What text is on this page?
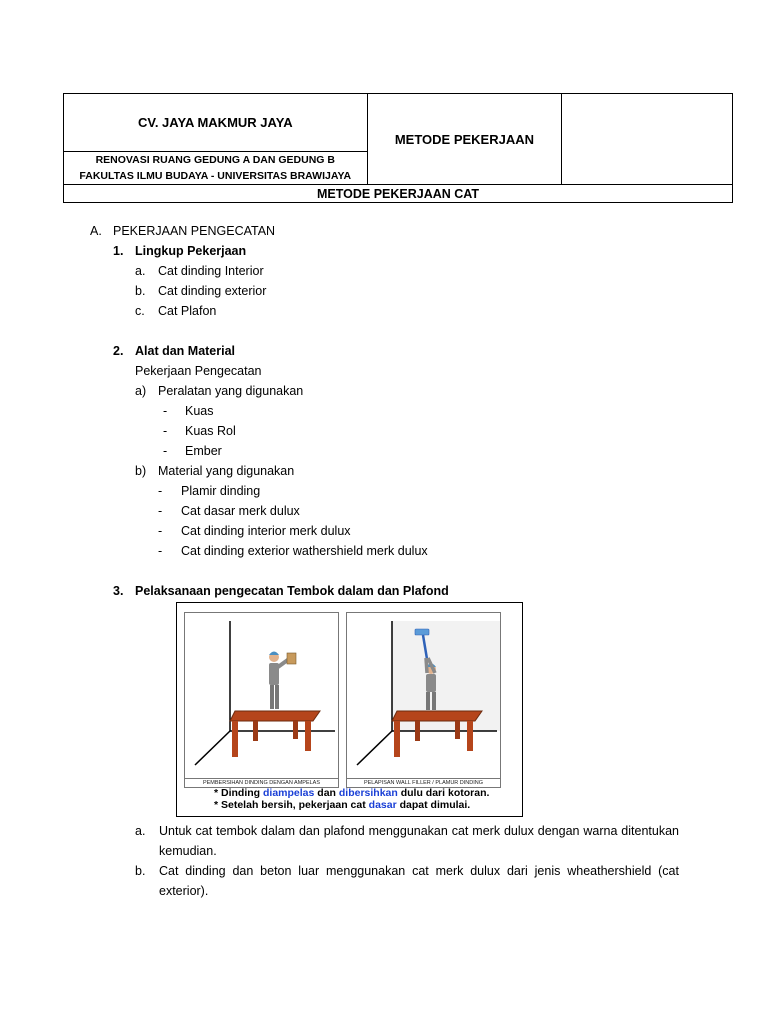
CV. JAYA MAKMUR JAYA	METODE PEKERJAAN	
RENOVASI RUANG GEDUNG A DAN GEDUNG B
FAKULTAS ILMU BUDAYA - UNIVERSITAS BRAWIJAYA
METODE PEKERJAAN CAT
A. PEKERJAAN PENGECATAN
1. Lingkup Pekerjaan
a. Cat dinding Interior
b. Cat dinding exterior
c. Cat Plafon
2. Alat dan Material
Pekerjaan Pengecatan
a) Peralatan yang digunakan
- Kuas
- Kuas Rol
- Ember
b) Material yang digunakan
- Plamir dinding
- Cat dasar merk dulux
- Cat dinding interior merk dulux
- Cat dinding exterior wathershield merk dulux
3. Pelaksanaan pengecatan Tembok dalam dan Plafond
PEMBERSIHAN DINDING DENGAN AMPELAS	PELAPISAN WALL FILLER / PLAMUR DINDING
* Dinding diampelas dan dibersihkan dulu dari kotoran.
* Setelah bersih, pekerjaan cat dasar dapat dimulai.
a. Untuk cat tembok dalam dan plafond menggunakan cat merk dulux dengan warna ditentukan kemudian.
b. Cat dinding dan beton luar menggunakan cat merk dulux dari jenis wheathershield (cat exterior).
